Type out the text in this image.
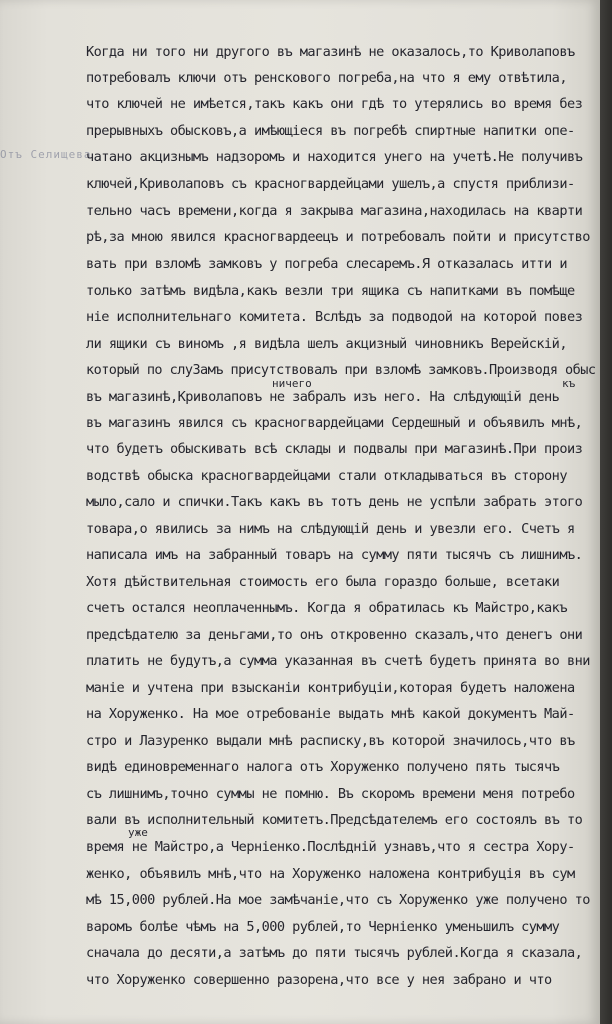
Отъ Селищева
Когда ни того ни другого въ магазинѣ не оказалось,то Криволаповъ
потребовалъ ключи отъ ренскового погреба,на что я ему отвѣтила,
что ключей не имѣется,такъ какъ они гдѣ то утерялись во время без
прерывныхъ обысковъ,а имѣющіеся въ погребѣ спиртные напитки опе-
чатано акцизнымъ надзоромъ и находится унего на учетѣ.Не получивъ
ключей,Криволаповъ съ красногвардейцами ушелъ,а спустя приблизи-
тельно часъ времени,когда я закрыва магазина,находилась на кварти
рѣ,за мною явился красногвардеецъ и потребовалъ пойти и присутство
вать при взломѣ замковъ у погреба слесаремъ.Я отказалась итти и
только затѣмъ видѣла,какъ везли три ящика съ напитками въ помѣще
ніе исполнительнаго комитета. Вслѣдъ за подводой на которой повез
ли ящики съ виномъ ,я видѣла шелъ акцизный чиновникъ Верейскій,
который по слуЗамъ присутствовалъ при взломѣ замковъ.Производя обыс
ничего	къ
въ магазинѣ,Криволаповъ не забралъ изъ него. На слѣдующій день
въ магазинъ явился съ красногвардейцами Сердешный и объявилъ мнѣ,
что будетъ обыскивать всѣ склады и подвалы при магазинѣ.При произ
водствѣ обыска красногвардейцами стали откладываться въ сторону
мыло,сало и спички.Такъ какъ въ тотъ день не успѣли забрать этого
товара,о явились за нимъ на слѣдующій день и увезли его. Счетъ я
написала имъ на забранный товаръ на сумму пяти тысячъ съ лишнимъ.
Хотя дѣйствительная стоимость его была гораздо больше, всетаки
счетъ остался неоплаченнымъ. Когда я обратилась къ Майстро,какъ
предсѣдателю за деньгами,то онъ откровенно сказалъ,что денегъ они
платить не будутъ,а сумма указанная въ счетѣ будетъ принята во вни
маніе и учтена при взысканіи контрибуціи,которая будетъ наложена
на Хоруженко. На мое отребованіе выдать мнѣ какой документъ Май-
стро и Лазуренко выдали мнѣ расписку,въ которой значилось,что въ
видѣ единовременнаго налога отъ Хоруженко получено пять тысячъ
съ лишнимъ,точно суммы не помню. Въ скоромъ времени меня потребо
вали въ исполнительный комитетъ.Предсѣдателемъ его состоялъ въ то
уже
время не Майстро,а Черніенко.Послѣдній узнавъ,что я сестра Хору-
женко, объявилъ мнѣ,что на Хоруженко наложена контрибуція въ сум
мѣ 15,000 рублей.На мое замѣчаніе,что съ Хоруженко уже получено то
варомъ болѣе чѣмъ на 5,000 рублей,то Черніенко уменьшилъ сумму
сначала до десяти,а затѣмъ до пяти тысячъ рублей.Когда я сказала,
что Хоруженко совершенно разорена,что все у нея забрано и что
